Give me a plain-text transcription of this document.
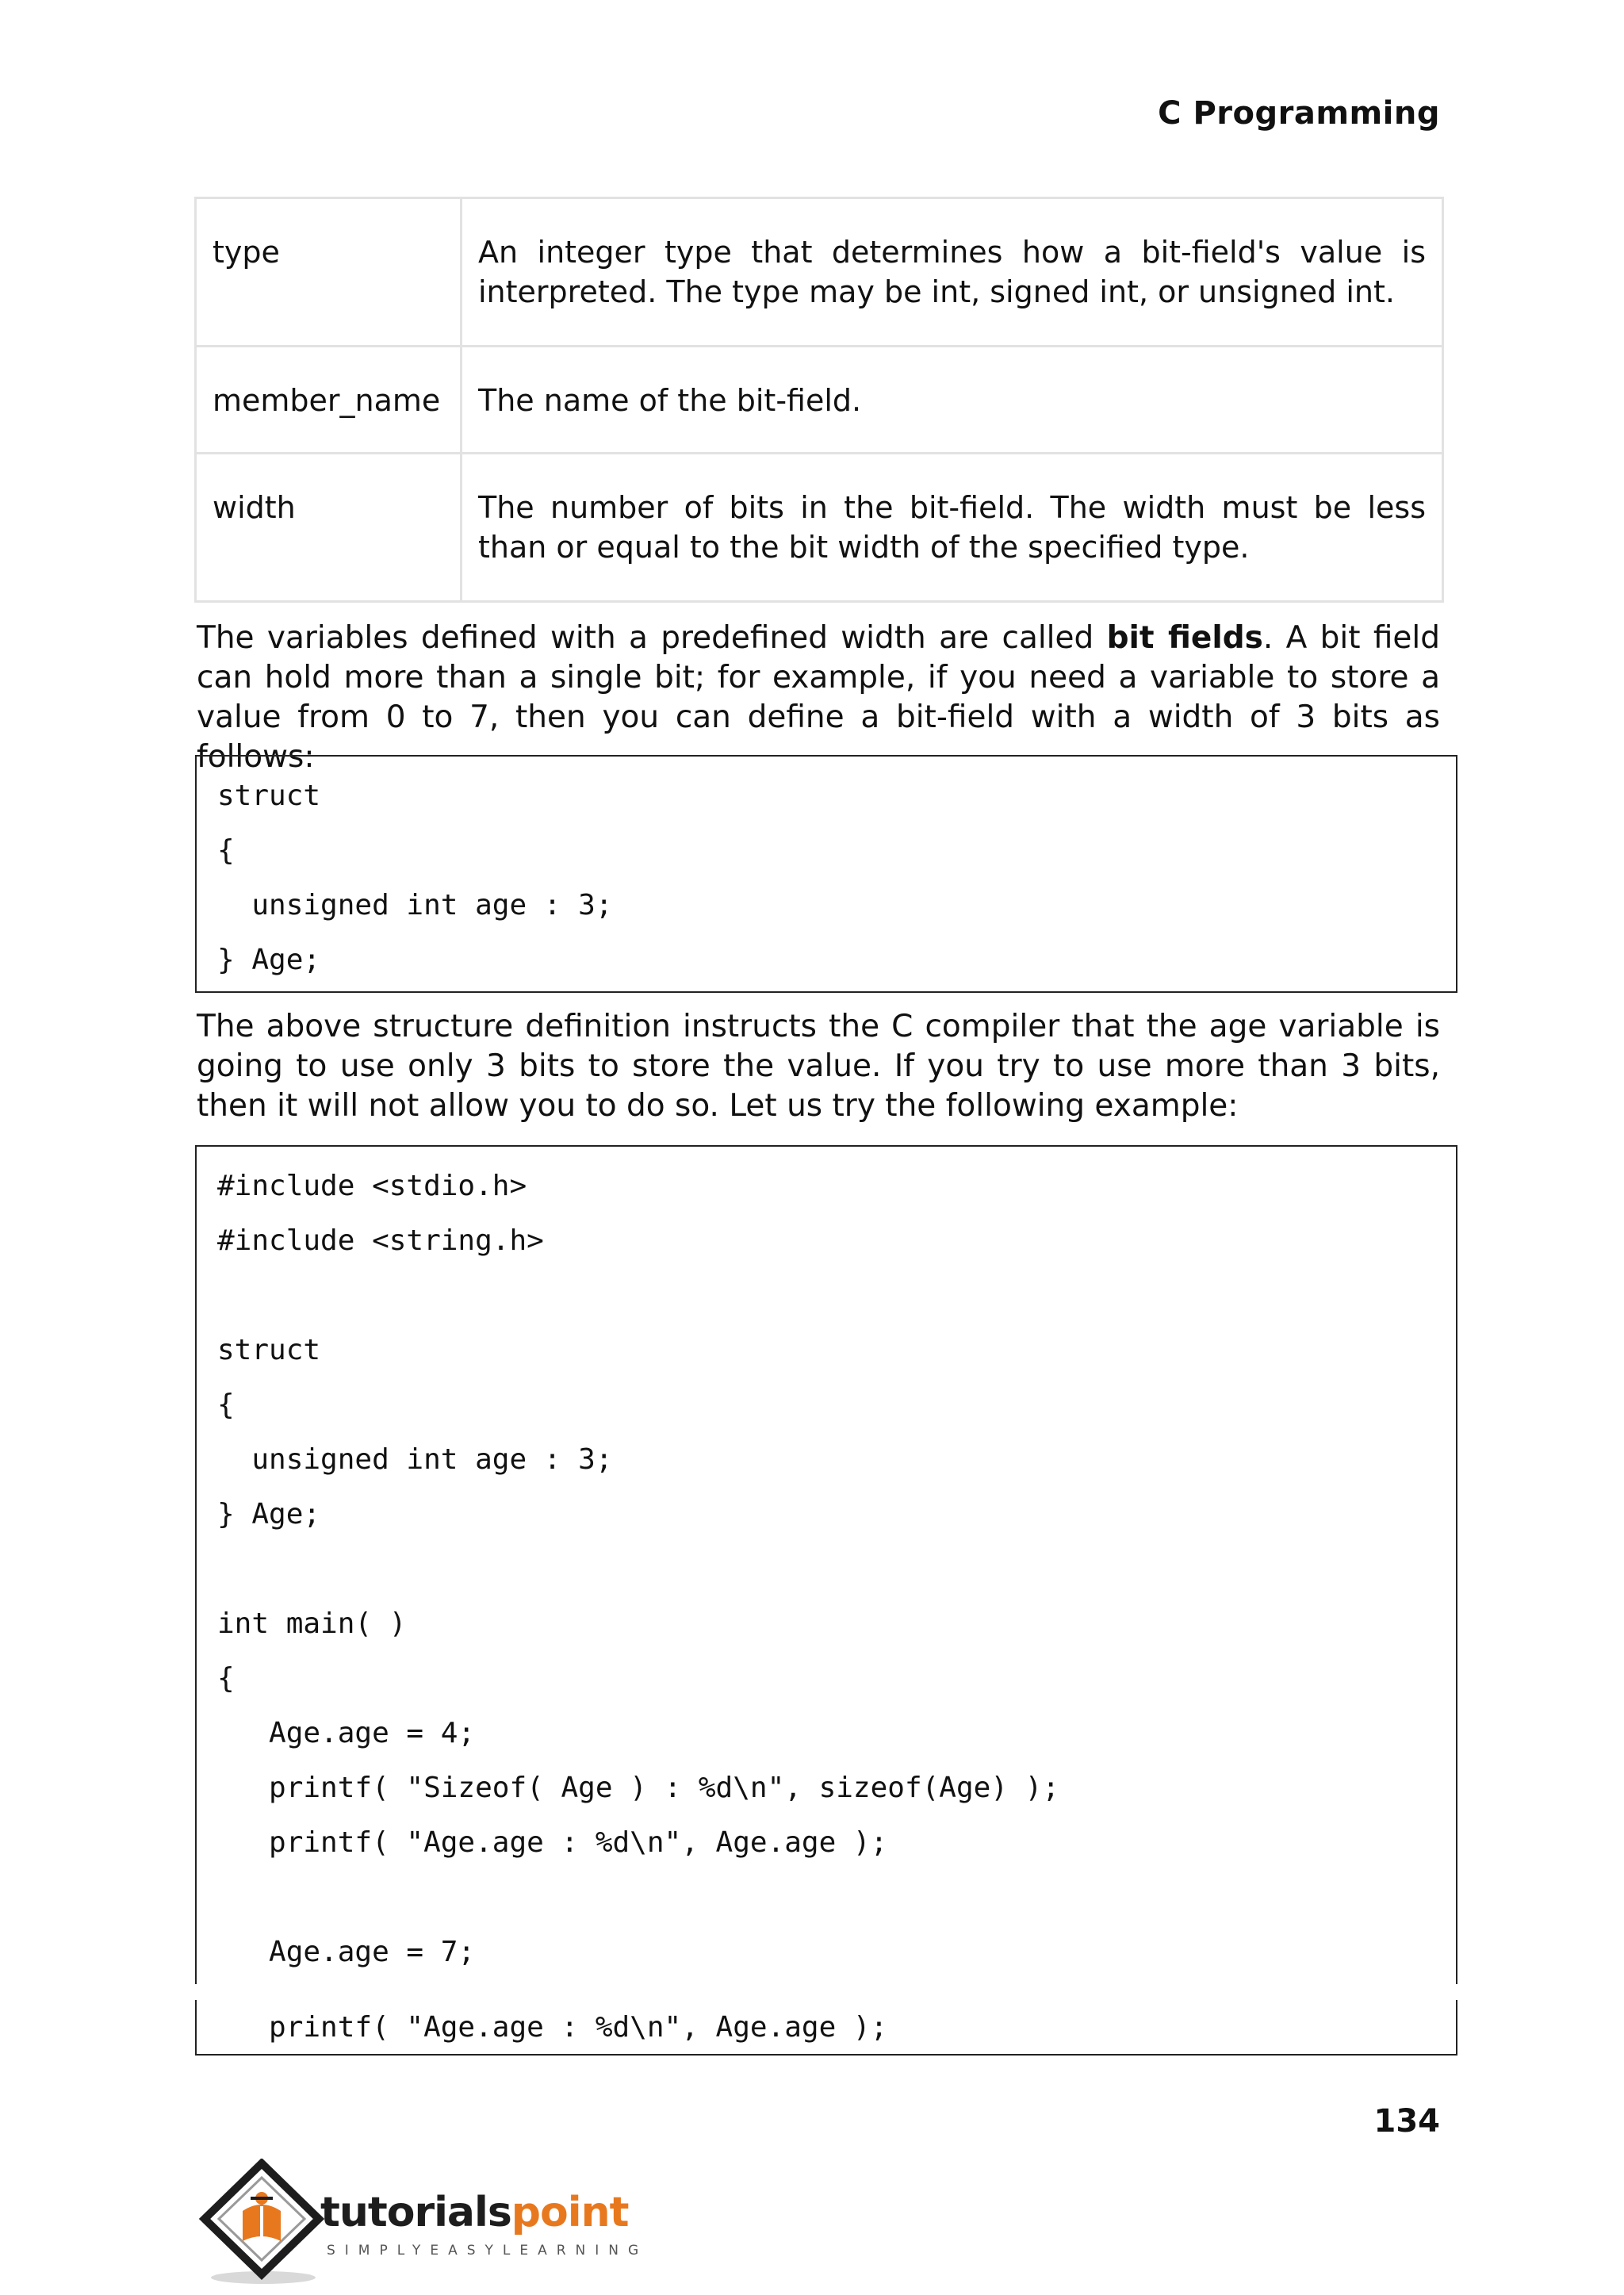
C Programming
type	An integer type that determines how a bit-field's value is interpreted. The type may be int, signed int, or unsigned int.
member_name	The name of the bit-field.
width	The number of bits in the bit-field. The width must be less than or equal to the bit width of the specified type.

The variables defined with a predefined width are called bit fields. A bit field can hold more than a single bit; for example, if you need a variable to store a value from 0 to 7, then you can define a bit-field with a width of 3 bits as follows:

struct
{
unsigned int age : 3;
} Age;

The above structure definition instructs the C compiler that the age variable is going to use only 3 bits to store the value. If you try to use more than 3 bits, then it will not allow you to do so. Let us try the following example:

#include <stdio.h>
#include <string.h>
struct
{
unsigned int age : 3;
} Age;
int main( )
{
Age.age = 4;
printf( "Sizeof( Age ) : %d\n", sizeof(Age) );
printf( "Age.age : %d\n", Age.age );
Age.age = 7;
printf( "Age.age : %d\n", Age.age );
134
tutorialspoint
SIMPLYEASYLEARNING
